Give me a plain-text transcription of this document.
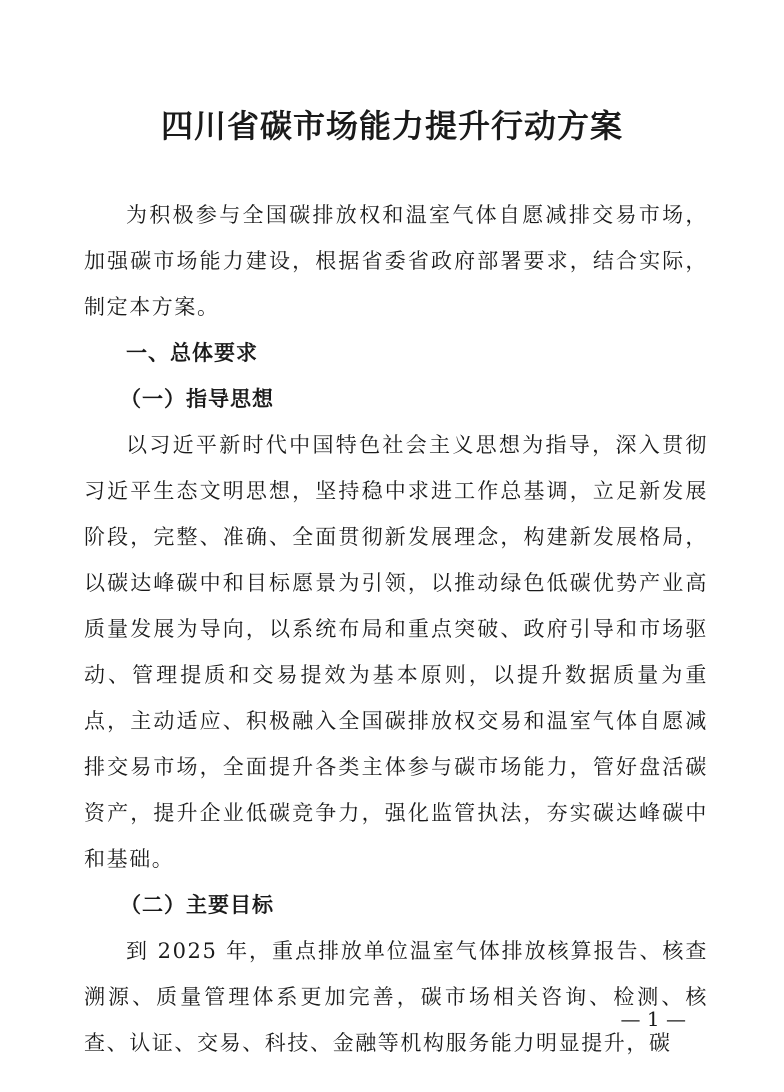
四川省碳市场能力提升行动方案

为积极参与全国碳排放权和温室气体自愿减排交易市场，加强碳市场能力建设，根据省委省政府部署要求，结合实际，制定本方案。

一、总体要求

（一）指导思想

以习近平新时代中国特色社会主义思想为指导，深入贯彻习近平生态文明思想，坚持稳中求进工作总基调，立足新发展阶段，完整、准确、全面贯彻新发展理念，构建新发展格局，以碳达峰碳中和目标愿景为引领，以推动绿色低碳优势产业高质量发展为导向，以系统布局和重点突破、政府引导和市场驱动、管理提质和交易提效为基本原则，以提升数据质量为重点，主动适应、积极融入全国碳排放权交易和温室气体自愿减排交易市场，全面提升各类主体参与碳市场能力，管好盘活碳资产，提升企业低碳竞争力，强化监管执法，夯实碳达峰碳中和基础。

（二）主要目标

到 2025 年，重点排放单位温室气体排放核算报告、核查溯源、质量管理体系更加完善，碳市场相关咨询、检测、核查、认证、交易、科技、金融等机构服务能力明显提升，碳

— 1 —
